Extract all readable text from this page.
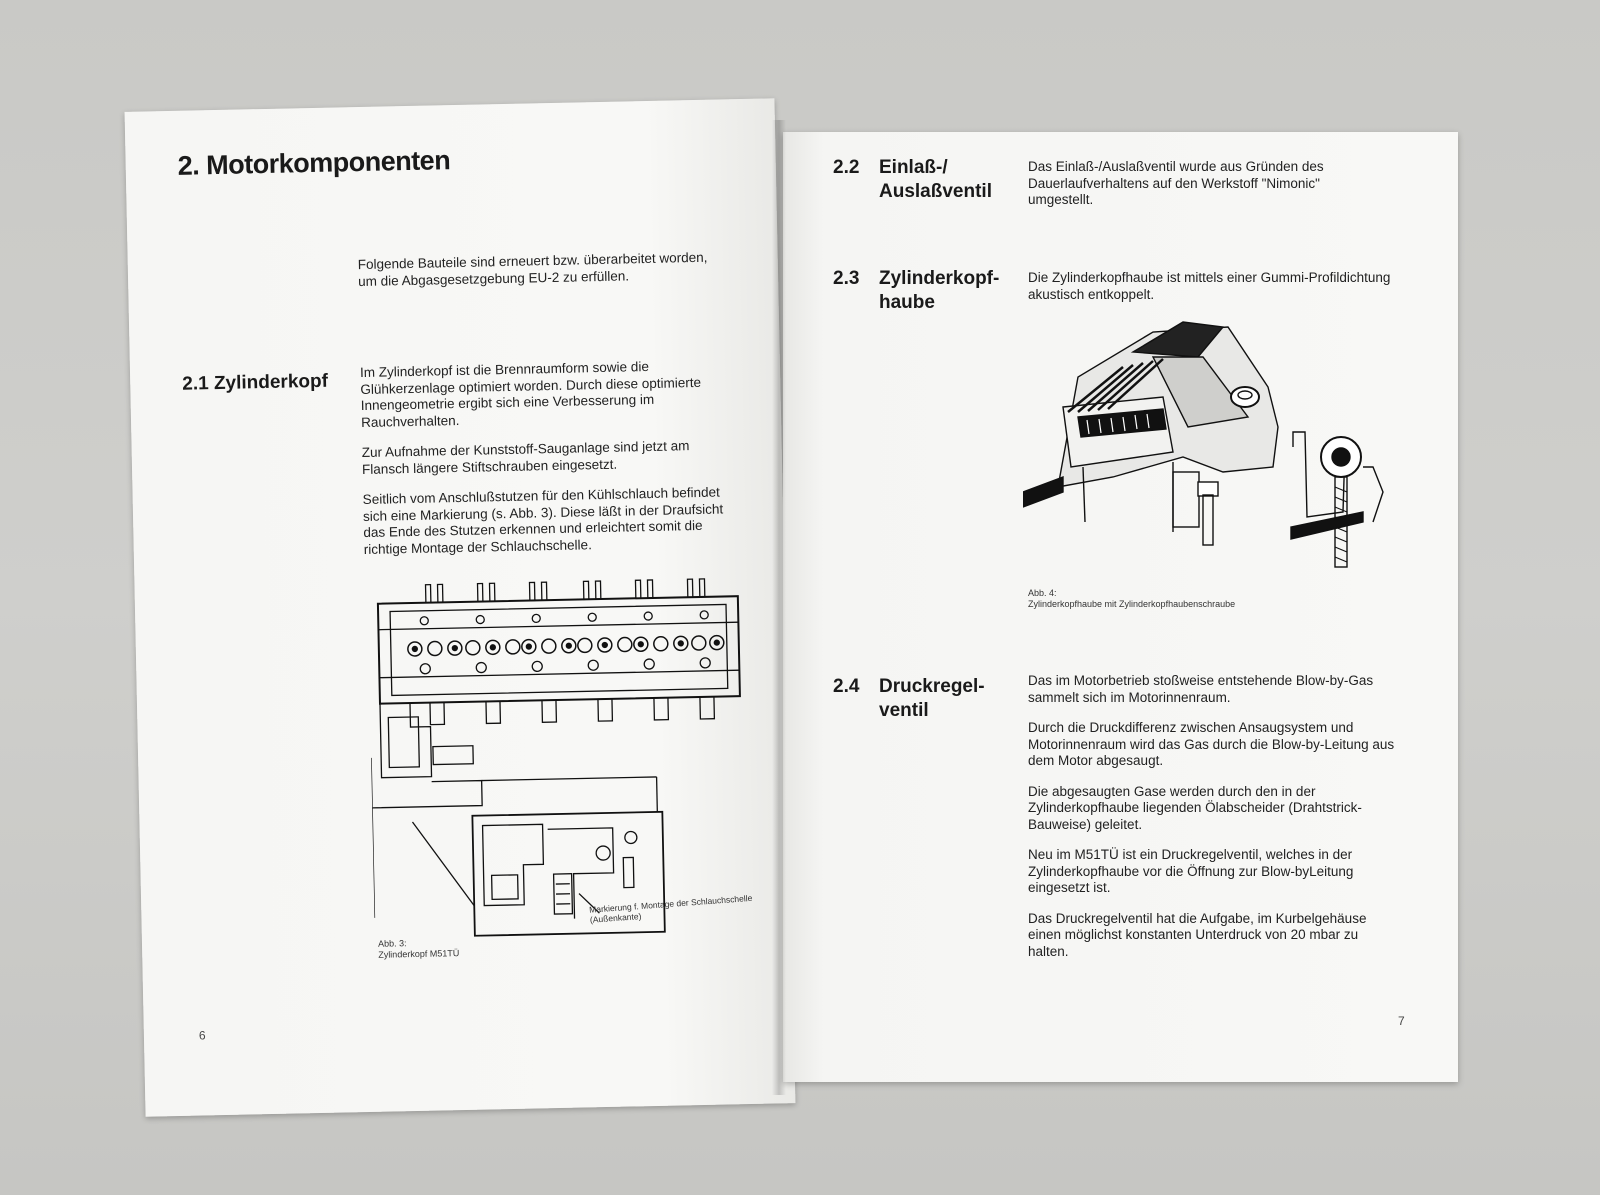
2. Motorkomponenten
Folgende Bauteile sind erneuert bzw. überarbeitet worden, um die Abgasgesetzgebung EU-2 zu erfüllen.
2.1 Zylinderkopf

Im Zylinderkopf ist die Brennraumform sowie die Glühkerzenlage optimiert worden. Durch diese optimierte Innengeometrie ergibt sich eine Verbesserung im Rauchverhalten.

Zur Aufnahme der Kunststoff-Sauganlage sind jetzt am Flansch längere Stiftschrauben eingesetzt.

Seitlich vom Anschlußstutzen für den Kühlschlauch befindet sich eine Markierung (s. Abb. 3). Diese läßt in der Draufsicht das Ende des Stutzen erkennen und erleichtert somit die richtige Montage der Schlauchschelle.

Markierung f. Montage der Schlauchschelle (Außenkante)
Abb. 3:
Zylinderkopf M51TÜ
6
2.2 Einlaß-/
Auslaßventil
Das Einlaß-/Auslaßventil wurde aus Gründen des Dauerlaufverhaltens auf den Werkstoff "Nimonic" umgestellt.
2.3 Zylinderkopf-
haube
Die Zylinderkopfhaube ist mittels einer Gummi-Profildichtung akustisch entkoppelt.
Abb. 4:
Zylinderkopfhaube mit Zylinderkopfhaubenschraube
2.4 Druckregel-
ventil

Das im Motorbetrieb stoßweise entstehende Blow-by-Gas sammelt sich im Motorinnenraum.

Durch die Druckdifferenz zwischen Ansaugsystem und Motorinnenraum wird das Gas durch die Blow-by-Leitung aus dem Motor abgesaugt.

Die abgesaugten Gase werden durch den in der Zylinderkopfhaube liegenden Ölabscheider (Drahtstrick-Bauweise) geleitet.

Neu im M51TÜ ist ein Druckregelventil, welches in der Zylinderkopfhaube vor die Öffnung zur Blow-byLeitung eingesetzt ist.

Das Druckregelventil hat die Aufgabe, im Kurbelgehäuse einen möglichst konstanten Unterdruck von 20 mbar zu halten.

7
